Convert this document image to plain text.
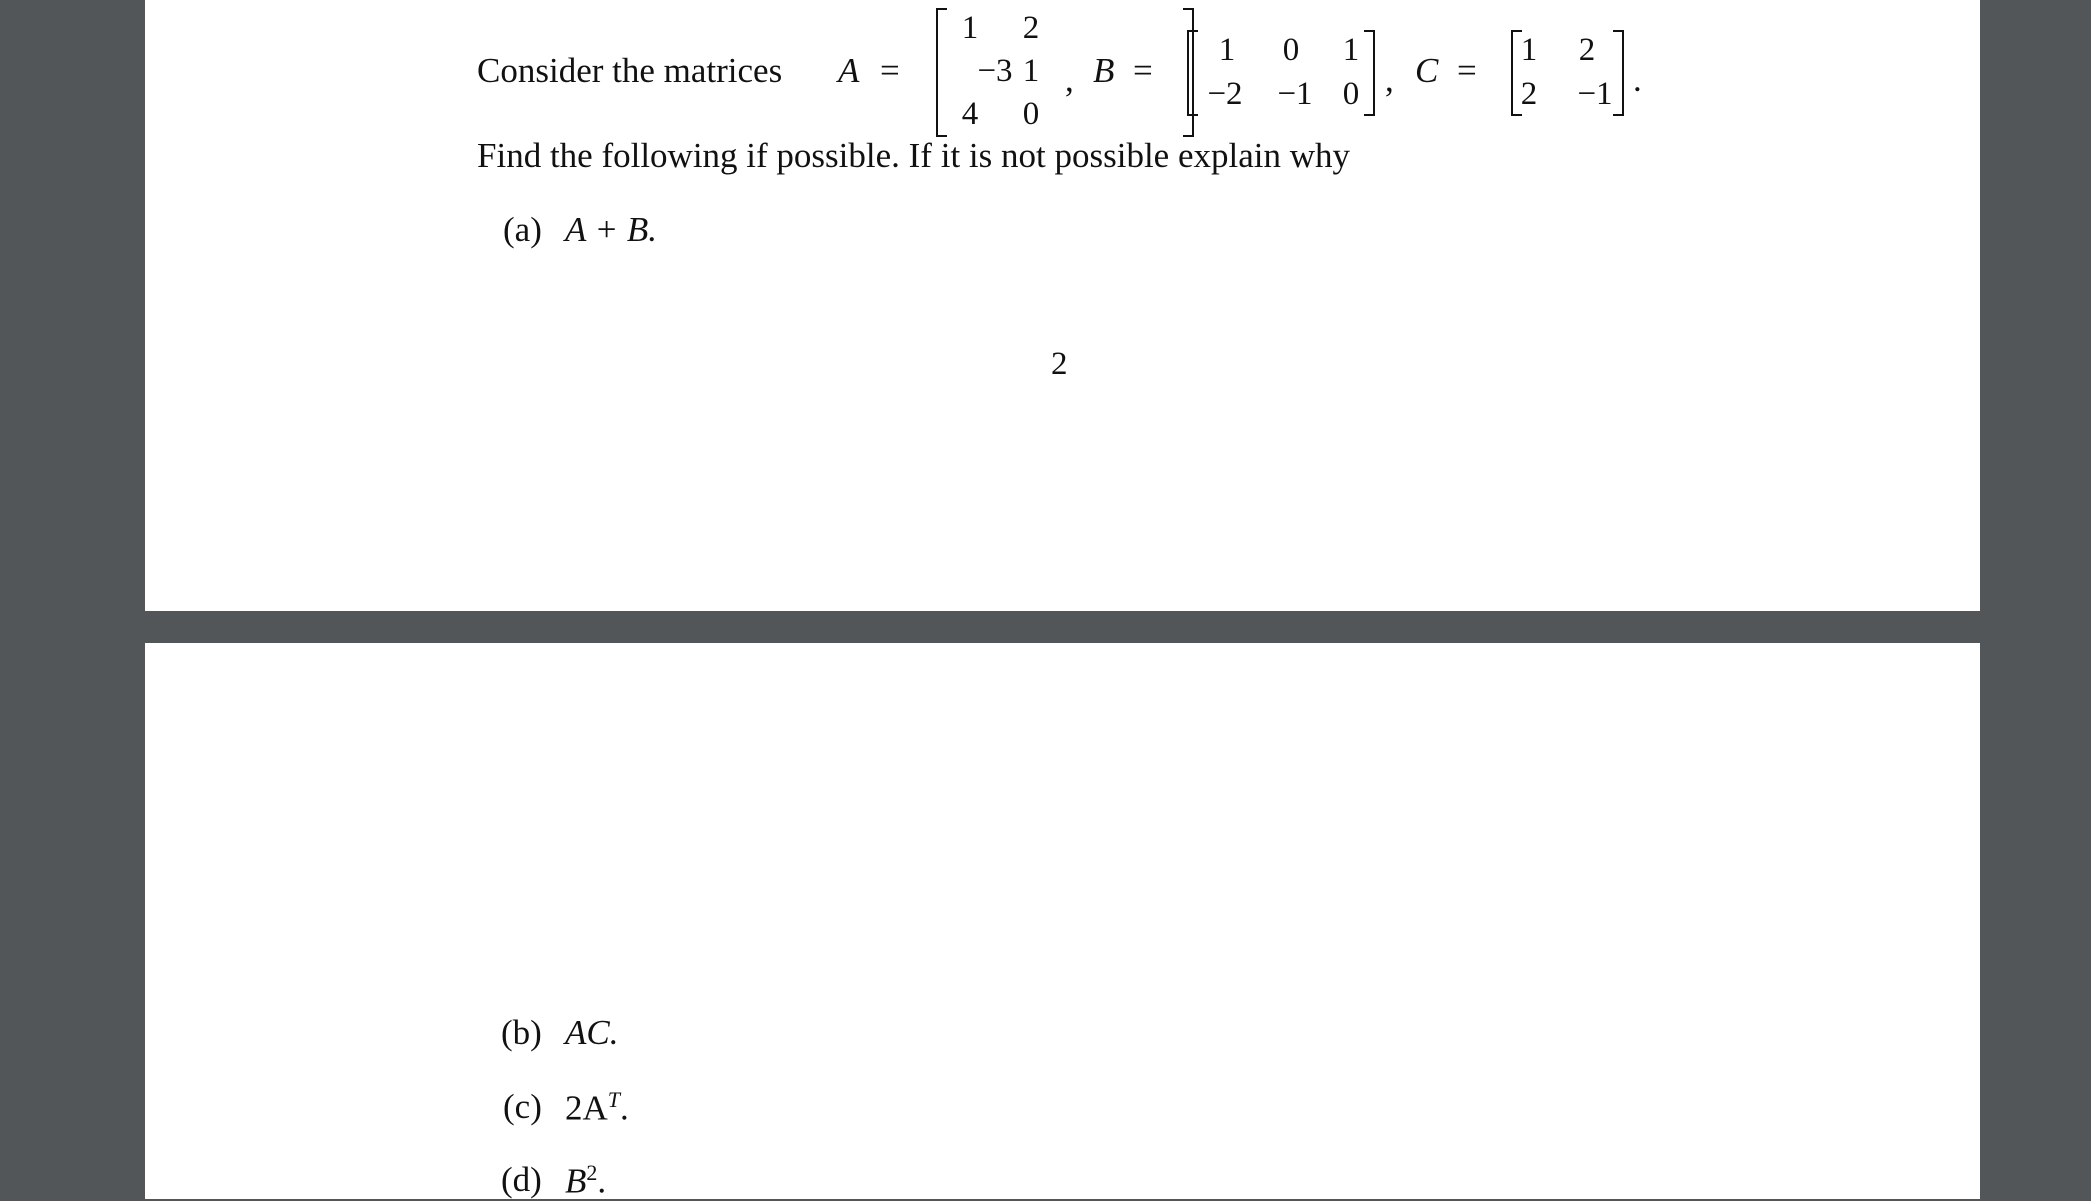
Consider the matrices A =
1	2
−3 1
4	0
, B =
1	0	1
−2	−1 0 , C =
1	2
2	−1 .
Find the following if possible. If it is not possible explain why
(a) A + B.
2
(b) AC.
(c) $2A^T$.
(d) $B^2$.
